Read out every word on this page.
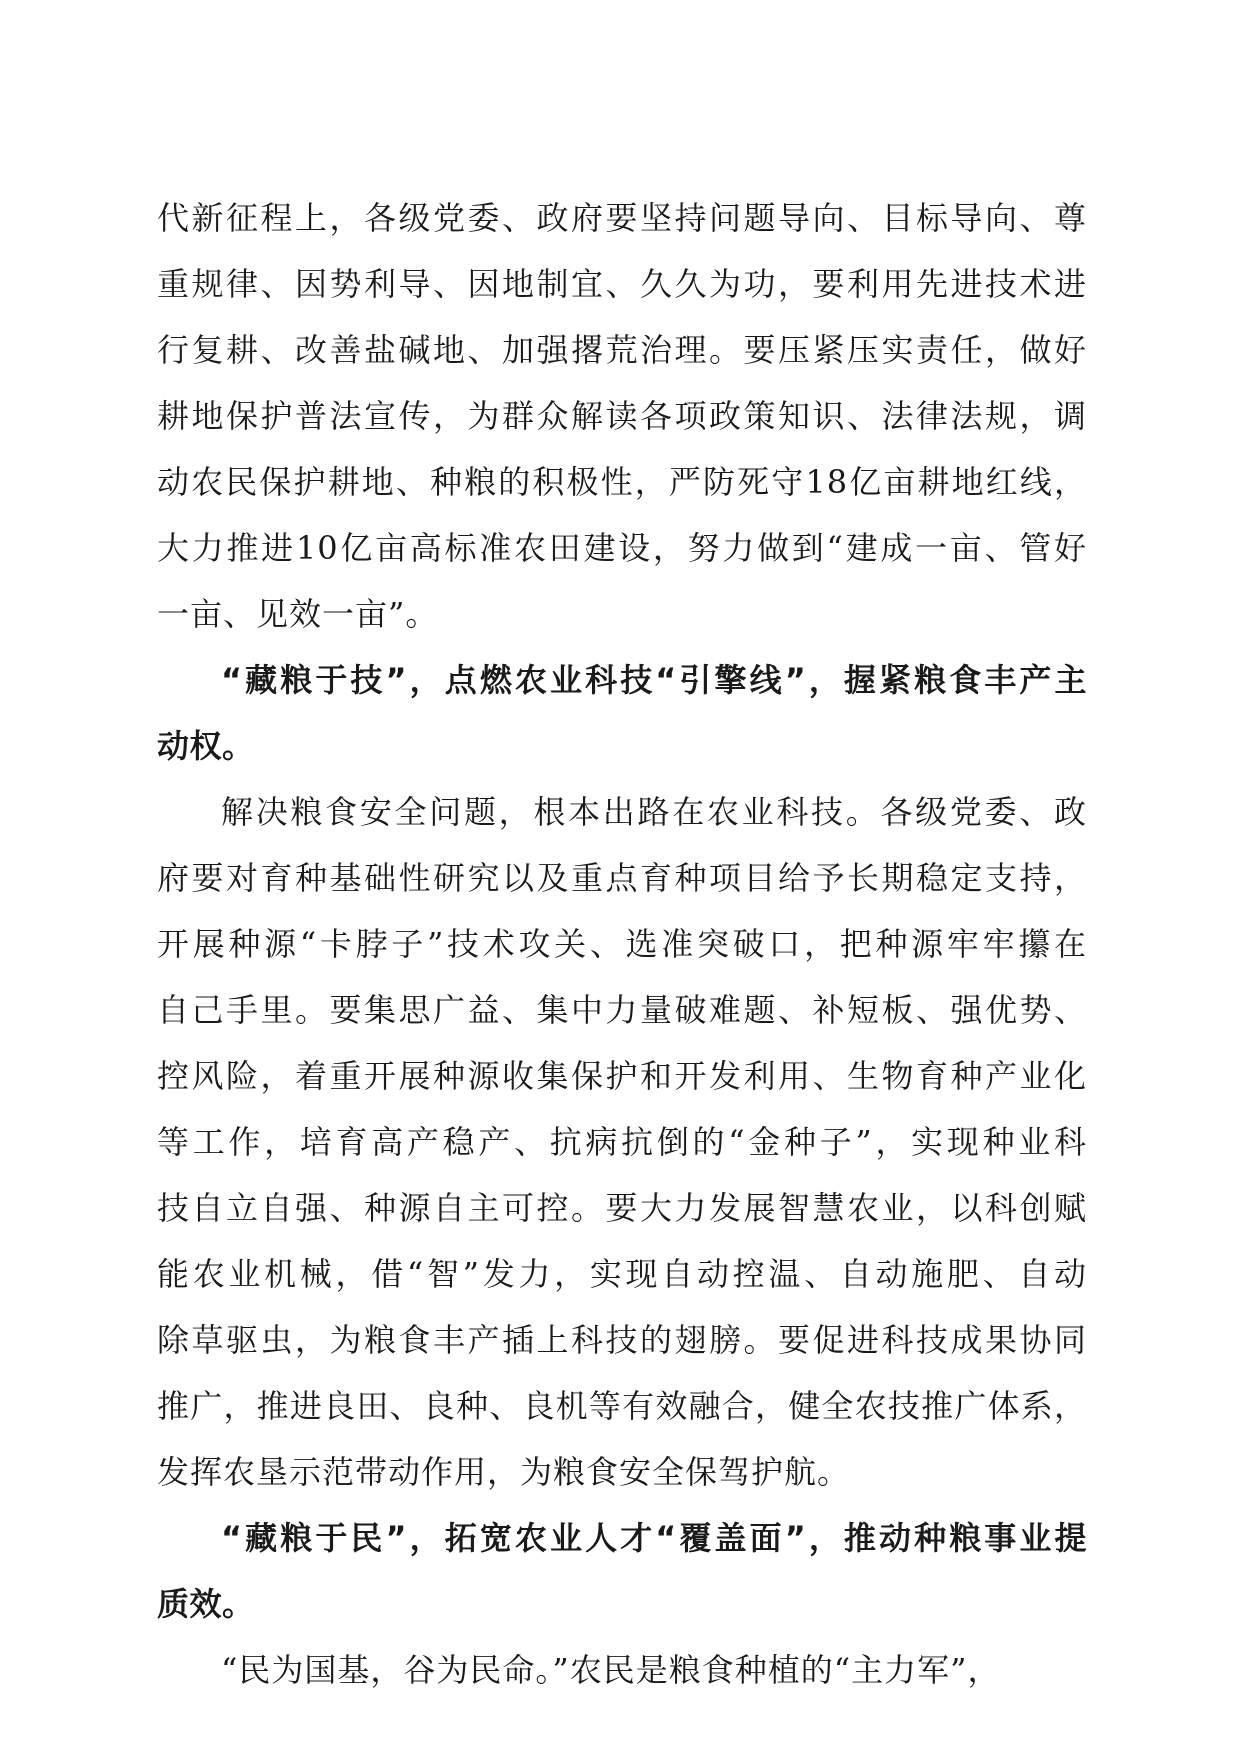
代新征程上，各级党委、政府要坚持问题导向、目标导向、尊
重规律、因势利导、因地制宜、久久为功，要利用先进技术进
行复耕、改善盐碱地、加强撂荒治理。要压紧压实责任，做好
耕地保护普法宣传，为群众解读各项政策知识、法律法规，调
动农民保护耕地、种粮的积极性，严防死守18亿亩耕地红线，
大力推进10亿亩高标准农田建设，努力做到“建成一亩、管好
一亩、见效一亩”。
“藏粮于技”，点燃农业科技“引擎线”，握紧粮食丰产主
动权。
解决粮食安全问题，根本出路在农业科技。各级党委、政
府要对育种基础性研究以及重点育种项目给予长期稳定支持，
开展种源“卡脖子”技术攻关、选准突破口，把种源牢牢攥在
自己手里。要集思广益、集中力量破难题、补短板、强优势、
控风险，着重开展种源收集保护和开发利用、生物育种产业化
等工作，培育高产稳产、抗病抗倒的“金种子”，实现种业科
技自立自强、种源自主可控。要大力发展智慧农业，以科创赋
能农业机械，借“智”发力，实现自动控温、自动施肥、自动
除草驱虫，为粮食丰产插上科技的翅膀。要促进科技成果协同
推广，推进良田、良种、良机等有效融合，健全农技推广体系，
发挥农垦示范带动作用，为粮食安全保驾护航。
“藏粮于民”，拓宽农业人才“覆盖面”，推动种粮事业提
质效。
“民为国基，谷为民命。”农民是粮食种植的“主力军”，
